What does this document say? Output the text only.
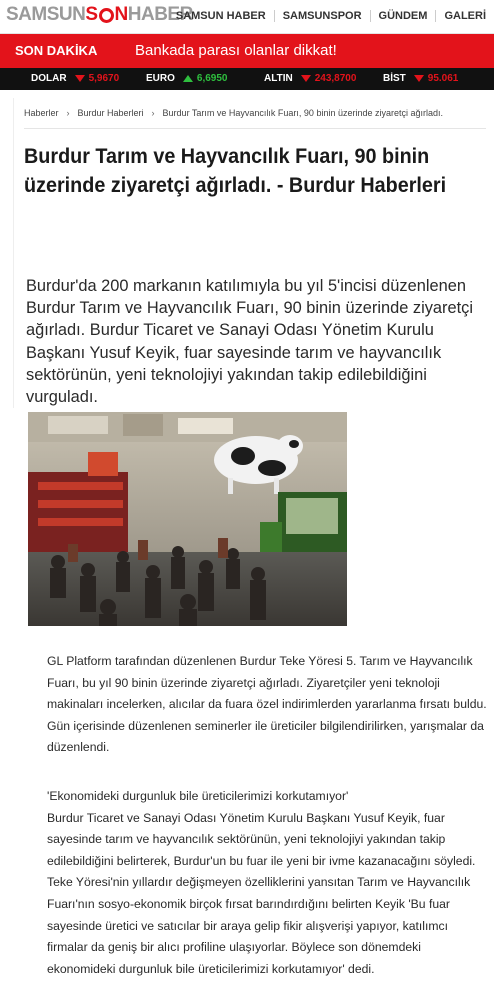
SAMSUN S N HABER
SAMSUN HABER	SAMSUNSPOR	GÜNDEM	GALERİ
SON DAKİKA	Bankada parası olanlar dikkat!
DOLAR 5,9670	EURO 6,6950	ALTIN 243,8700	BİST 95.061
Haberler › Burdur Haberleri › Burdur Tarım ve Hayvancılık Fuarı, 90 binin üzerinde ziyaretçi ağırladı.
Burdur Tarım ve Hayvancılık Fuarı, 90 binin üzerinde ziyaretçi ağırladı. - Burdur Haberleri

Burdur'da 200 markanın katılımıyla bu yıl 5'incisi düzenlenen Burdur Tarım ve Hayvancılık Fuarı, 90 binin üzerinde ziyaretçi ağırladı. Burdur Ticaret ve Sanayi Odası Yönetim Kurulu Başkanı Yusuf Keyik, fuar sayesinde tarım ve hayvancılık sektörünün, yeni teknolojiyi yakından takip edilebildiğini vurguladı.

GL Platform tarafından düzenlenen Burdur Teke Yöresi 5. Tarım ve Hayvancılık Fuarı, bu yıl 90 binin üzerinde ziyaretçi ağırladı. Ziyaretçiler yeni teknoloji makinaları incelerken, alıcılar da fuara özel indirimlerden yararlanma fırsatı buldu. Gün içerisinde düzenlenen seminerler ile üreticiler bilgilendirilirken, yarışmalar da düzenlendi.

'Ekonomideki durgunluk bile üreticilerimizi korkutamıyor'

Burdur Ticaret ve Sanayi Odası Yönetim Kurulu Başkanı Yusuf Keyik, fuar sayesinde tarım ve hayvancılık sektörünün, yeni teknolojiyi yakından takip edilebildiğini belirterek, Burdur'un bu fuar ile yeni bir ivme kazanacağını söyledi. Teke Yöresi'nin yıllardır değişmeyen özelliklerini yansıtan Tarım ve Hayvancılık Fuarı'nın sosyo-ekonomik birçok fırsat barındırdığını belirten Keyik 'Bu fuar sayesinde üretici ve satıcılar bir araya gelip fikir alışverişi yapıyor, katılımcı firmalar da geniş bir alıcı profiline ulaşıyorlar. Böylece son dönemdeki ekonomideki durgunluk bile üreticilerimizi korkutamıyor' dedi.
